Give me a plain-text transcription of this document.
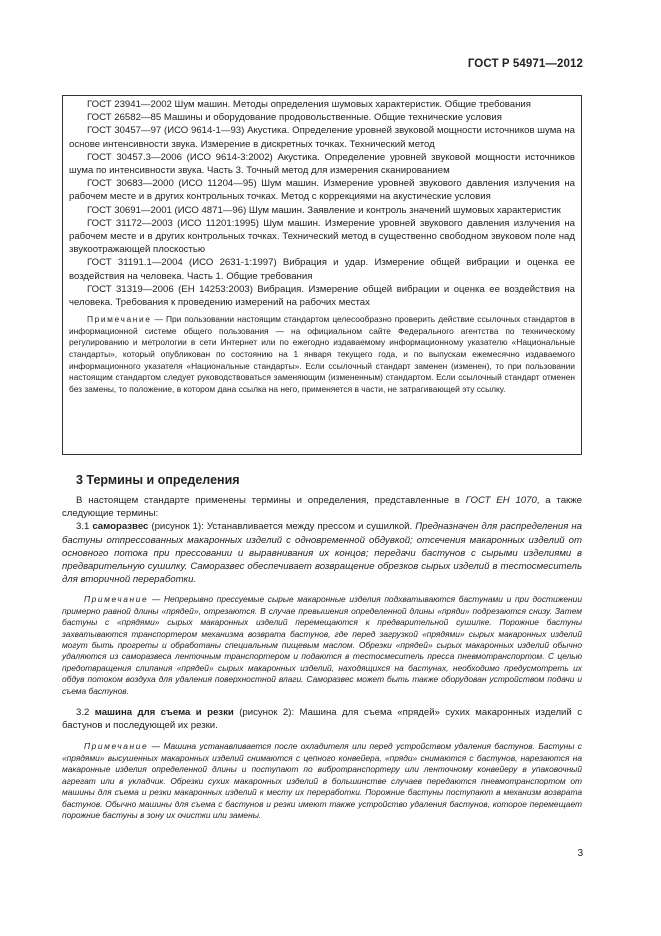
ГОСТ Р 54971—2012

ГОСТ 23941—2002 Шум машин. Методы определения шумовых характеристик. Общие требования

ГОСТ 26582—85 Машины и оборудование продовольственные. Общие технические условия

ГОСТ 30457—97 (ИСО 9614-1—93) Акустика. Определение уровней звуковой мощности источников шума на основе интенсивности звука. Измерение в дискретных точках. Технический метод

ГОСТ 30457.3—2006 (ИСО 9614-3:2002) Акустика. Определение уровней звуковой мощности источников шума по интенсивности звука. Часть 3. Точный метод для измерения сканированием

ГОСТ 30683—2000 (ИСО 11204—95) Шум машин. Измерение уровней звукового давления излучения на рабочем месте и в других контрольных точках. Метод с коррекциями на акустические условия

ГОСТ 30691—2001 (ИСО 4871—96) Шум машин. Заявление и контроль значений шумовых характеристик

ГОСТ 31172—2003 (ИСО 11201:1995) Шум машин. Измерение уровней звукового давления излучения на рабочем месте и в других контрольных точках. Технический метод в существенно свободном звуковом поле над звукоотражающей плоскостью

ГОСТ 31191.1—2004 (ИСО 2631-1:1997) Вибрация и удар. Измерение общей вибрации и оценка ее воздействия на человека. Часть 1. Общие требования

ГОСТ 31319—2006 (ЕН 14253:2003) Вибрация. Измерение общей вибрации и оценка ее воздействия на человека. Требования к проведению измерений на рабочих местах

Примечание — При пользовании настоящим стандартом целесообразно проверить действие ссылочных стандартов в информационной системе общего пользования — на официальном сайте Федерального агентства по техническому регулированию и метрологии в сети Интернет или по ежегодно издаваемому информационному указателю «Национальные стандарты», который опубликован по состоянию на 1 января текущего года, и по выпускам ежемесячно издаваемого информационного указателя «Национальные стандарты». Если ссылочный стандарт заменен (изменен), то при пользовании настоящим стандартом следует руководствоваться заменяющим (измененным) стандартом. Если ссылочный стандарт отменен без замены, то положение, в котором дана ссылка на него, применяется в части, не затрагивающей эту ссылку.

3 Термины и определения

В настоящем стандарте применены термины и определения, представленные в ГОСТ ЕН 1070, а также следующие термины:

3.1 саморазвес (рисунок 1): Устанавливается между прессом и сушилкой. Предназначен для распределения на бастуны отпрессованных макаронных изделий с одновременной обдувкой; отсечения макаронных изделий от основного потока при прессовании и выравнивания их концов; передачи бастунов с сырыми изделиями в предварительную сушилку. Саморазвес обеспечивает возвращение обрезков сырых изделий в тестосмеситель для вторичной переработки.

Примечание — Непрерывно прессуемые сырые макаронные изделия подхватываются бастунами и при достижении примерно равной длины «прядей», отрезаются. В случае превышения определенной длины «пряди» подрезаются снизу. Затем бастуны с «прядями» сырых макаронных изделий перемещаются к предварительной сушилке. Порожние бастуны захватываются транспортером механизма возврата бастунов, где перед загрузкой «прядями» сырых макаронных изделий могут быть прогреты и обработаны специальным пищевым маслом. Обрезки «прядей» сырых макаронных изделий обычно удаляются из саморазвеса ленточным транспортером и подаются в тестосмеситель пресса пневмотранспортом. С целью предотвращения слипания «прядей» сырых макаронных изделий, находящихся на бастунах, необходимо предусмотреть их обдув потоком воздуха для удаления поверхностной влаги. Саморазвес может быть также оборудован устройством подачи и съема бастунов.

3.2 машина для съема и резки (рисунок 2): Машина для съема «прядей» сухих макаронных изделий с бастунов и последующей их резки.

Примечание — Машина устанавливается после охладителя или перед устройством удаления бастунов. Бастуны с «прядями» высушенных макаронных изделий снимаются с цепного конвейера, «пряди» снимаются с бастунов, нарезаются на макаронные изделия определенной длины и поступают по вибротранспортеру или ленточному конвейеру в упаковочный агрегат или в укладчик. Обрезки сухих макаронных изделий в большинстве случаев передаются пневмотранспортом от машины для съема и резки макаронных изделий к месту их переработки. Порожние бастуны поступают в механизм возврата бастунов. Обычно машины для съема с бастунов и резки имеют также устройство удаления бастунов, которое перемещает порожние бастуны в зону их очистки или замены.

3
